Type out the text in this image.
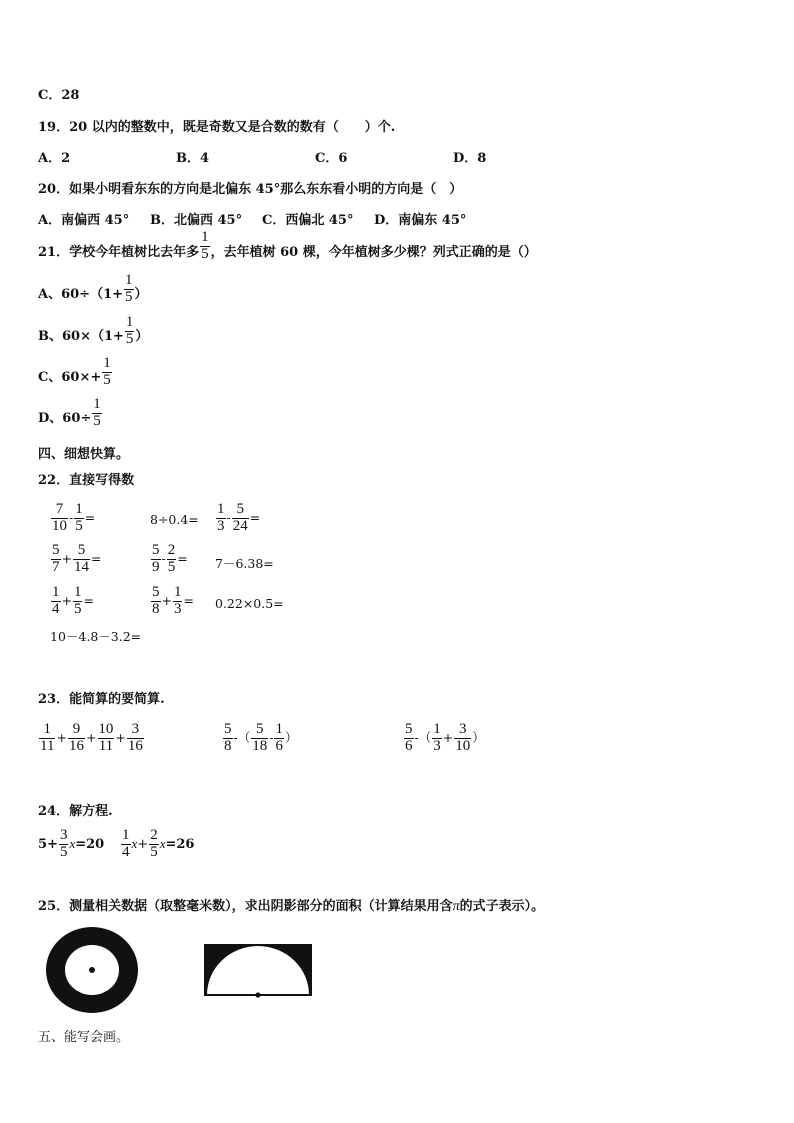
C．28
19．20 以内的整数中，既是奇数又是合数的数有（　　）个.
A．2	B．4	C．6	D．8
20．如果小明看东东的方向是北偏东 45°那么东东看小明的方向是（　）
A．南偏西 45° B．北偏西 45° C．西偏北 45° D．南偏东 45°
21．学校今年植树比去年多 $\frac{1}{5}$ ，去年植树 60 棵，今年植树多少棵？列式正确的是（）
A、$60\div(1+ \frac{1}{5}$ ）
B、$60\times(1+ \frac{1}{5}$ ）
C、$60\times+ \frac{1}{5}$
D、$60\div \frac{1}{5}$
四、细想快算。
22．直接写得数
$\frac{7}{10} - \frac{1}{5}$ =	$8\div 0.4= \frac{1}{3} - \frac{5}{24}$ =
$\frac{5}{7} + \frac{5}{14}$ =	$\frac{5}{9} - \frac{2}{5} = 7-6.38=$
$\frac{1}{4} + \frac{1}{5}$ =	$\frac{5}{8} + \frac{1}{3} = 0.22\times 0.5=$
10－4.8－3.2=
23．能简算的要简算.
$\frac{1}{11} + \frac{9}{16} + \frac{10}{11} + \frac{3}{16}$	$\frac{5}{8}$ -（ $\frac{5}{18} - \frac{1}{6}$ ）	$\frac{5}{6}$ -（ $\frac{1}{3} + \frac{3}{10}$ ）
24．解方程.
$5+ \frac{3}{5} x=20 \frac{1}{4} x+ \frac{2}{5} x=26$
25．测量相关数据（取整毫米数），求出阴影部分的面积（计算结果用含π的式子表示）。
五、能写会画。
